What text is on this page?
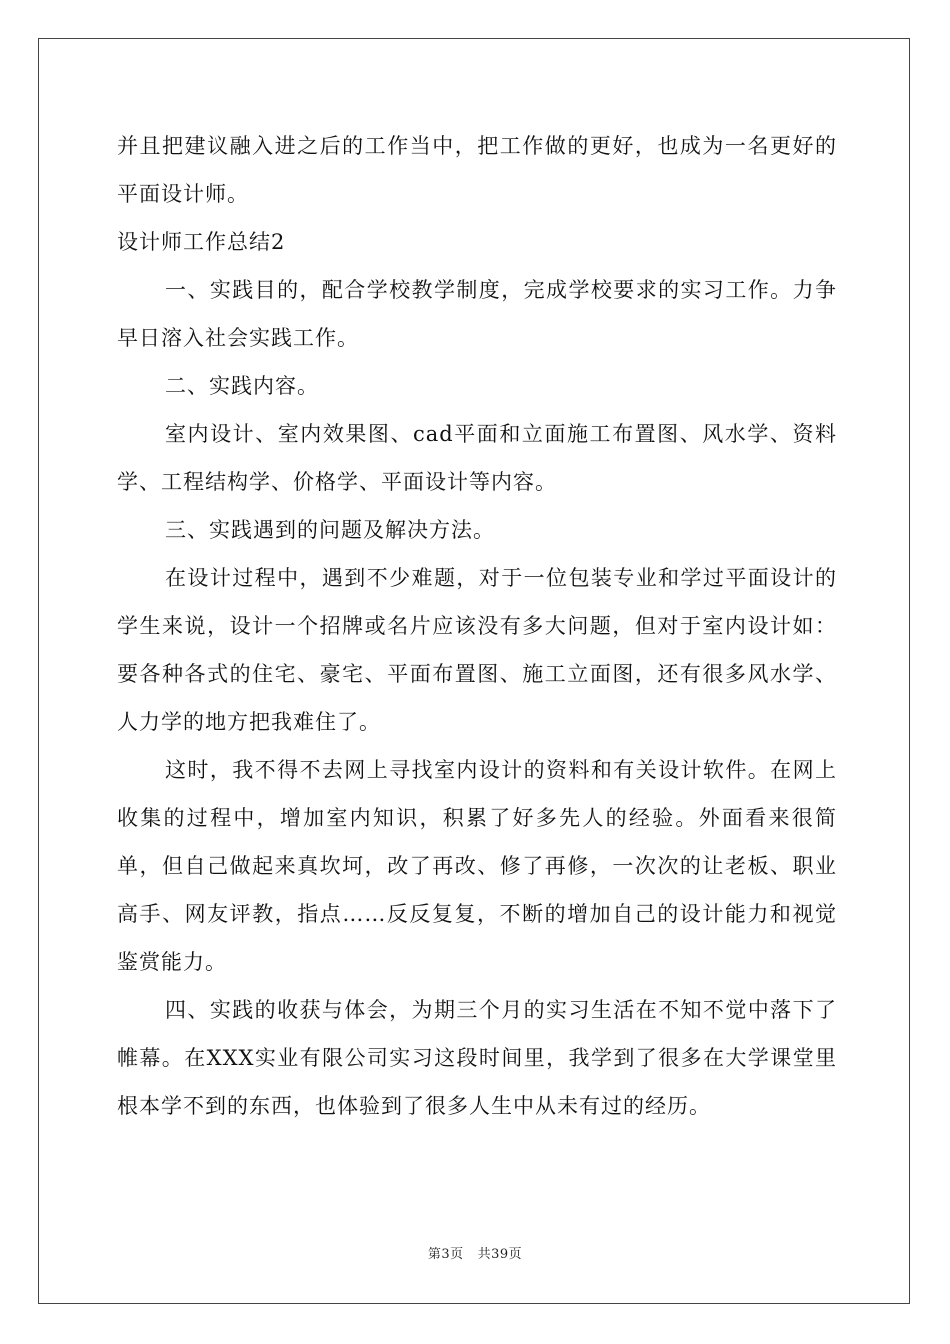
并且把建议融入进之后的工作当中，把工作做的更好，也成为一名更好的平面设计师。

设计师工作总结2

一、实践目的，配合学校教学制度，完成学校要求的实习工作。力争早日溶入社会实践工作。

二、实践内容。

室内设计、室内效果图、cad平面和立面施工布置图、风水学、资料学、工程结构学、价格学、平面设计等内容。

三、实践遇到的问题及解决方法。

在设计过程中，遇到不少难题，对于一位包装专业和学过平面设计的学生来说，设计一个招牌或名片应该没有多大问题，但对于室内设计如：要各种各式的住宅、豪宅、平面布置图、施工立面图，还有很多风水学、人力学的地方把我难住了。

这时，我不得不去网上寻找室内设计的资料和有关设计软件。在网上收集的过程中，增加室内知识，积累了好多先人的经验。外面看来很简单，但自己做起来真坎坷，改了再改、修了再修，一次次的让老板、职业高手、网友评教，指点……反反复复，不断的增加自己的设计能力和视觉鉴赏能力。

四、实践的收获与体会，为期三个月的实习生活在不知不觉中落下了帷幕。在XXX实业有限公司实习这段时间里，我学到了很多在大学课堂里根本学不到的东西，也体验到了很多人生中从未有过的经历。

第3页 共39页
